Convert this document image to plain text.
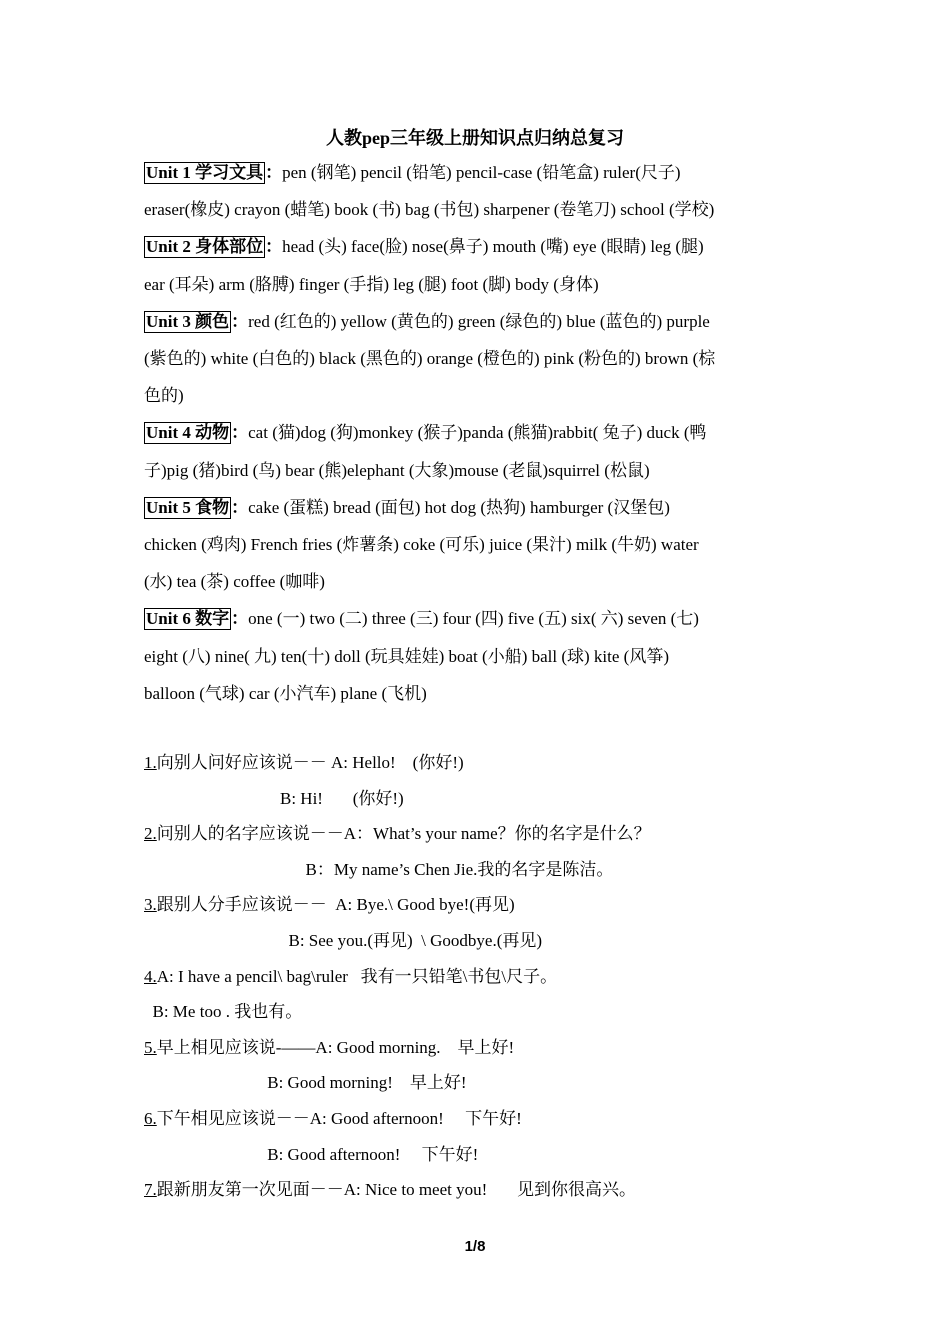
人教pep三年级上册知识点归纳总复习

Unit 1 学习文具 ：pen (钢笔) pencil (铅笔) pencil-case (铅笔盒) ruler(尺子)

eraser(橡皮) crayon (蜡笔) book (书) bag (书包) sharpener (卷笔刀) school (学校)

Unit 2 身体部位 ：head (头) face(脸) nose(鼻子) mouth (嘴) eye (眼睛) leg (腿)

ear (耳朵) arm (胳膊) finger (手指) leg (腿) foot (脚) body (身体)

Unit 3 颜色 ：red (红色的) yellow (黄色的) green (绿色的) blue (蓝色的) purple

(紫色的) white (白色的) black (黑色的) orange (橙色的) pink (粉色的) brown (棕

色的)

Unit 4 动物 ：cat (猫)dog (狗)monkey (猴子)panda (熊猫)rabbit( 兔子) duck (鸭

子)pig (猪)bird (鸟) bear (熊)elephant (大象)mouse (老鼠)squirrel (松鼠)

Unit 5 食物 ：cake (蛋糕) bread (面包) hot dog (热狗) hamburger (汉堡包)

chicken (鸡肉) French fries (炸薯条) coke (可乐) juice (果汁) milk (牛奶) water

(水) tea (茶) coffee (咖啡)

Unit 6 数字 ：one (一) two (二) three (三) four (四) five (五) six( 六) seven (七)

eight (八) nine( 九) ten(十) doll (玩具娃娃) boat (小船) ball (球) kite (风筝)

balloon (气球) car (小汽车) plane (飞机)

1.向别人问好应该说－－ A: Hello!    (你好!)
B: Hi!       (你好!)
2.问别人的名字应该说－－A：What’s your name？你的名字是什么？
B：My name’s Chen Jie.我的名字是陈洁。
3.跟别人分手应该说－－  A: Bye.\ Good bye!(再见)
B: See you.(再见)  \ Goodbye.(再见)
4.A: I have a pencil\ bag\ruler   我有一只铅笔\书包\尺子。
B: Me too . 我也有。
5.早上相见应该说-——A: Good morning.    早上好!
B: Good morning!    早上好!
6.下午相见应该说－－A: Good afternoon!     下午好!
B: Good afternoon!     下午好!
7.跟新朋友第一次见面－－A: Nice to meet you!       见到你很高兴。
1/8
